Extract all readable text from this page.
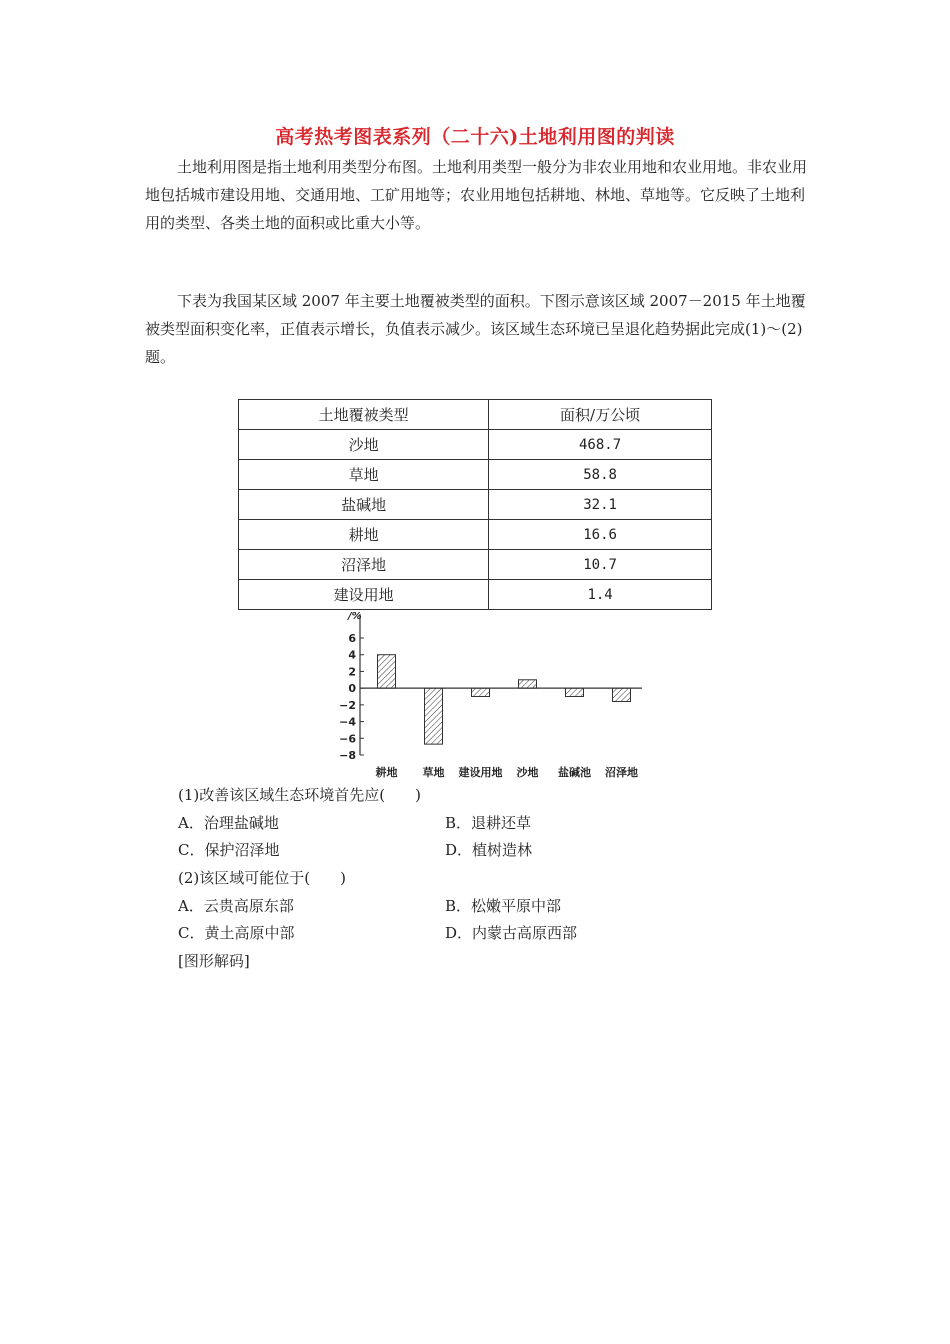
高考热考图表系列（二十六)土地利用图的判读
土地利用图是指土地利用类型分布图。土地利用类型一般分为非农业用地和农业用地。非农业用地包括城市建设用地、交通用地、工矿用地等；农业用地包括耕地、林地、草地等。它反映了土地利用的类型、各类土地的面积或比重大小等。
下表为我国某区域 2007 年主要土地覆被类型的面积。下图示意该区域 2007－2015 年土地覆被类型面积变化率，正值表示增长，负值表示减少。该区域生态环境已呈退化趋势据此完成(1)～(2)题。
土地覆被类型	面积/万公顷
沙地	468.7
草地	58.8
盐碱地	32.1
耕地	16.6
沼泽地	10.7
建设用地	1.4
/%
6
4
2
0
−2
−4
−6
−8
耕地 草地 建设用地 沙地 盐碱池 沼泽地
(1)改善该区域生态环境首先应(　　)
A．治理盐碱地	B．退耕还草
C．保护沼泽地	D．植树造林
(2)该区域可能位于(　　)
A．云贵高原东部	B．松嫩平原中部
C．黄土高原中部	D．内蒙古高原西部
[图形解码]
